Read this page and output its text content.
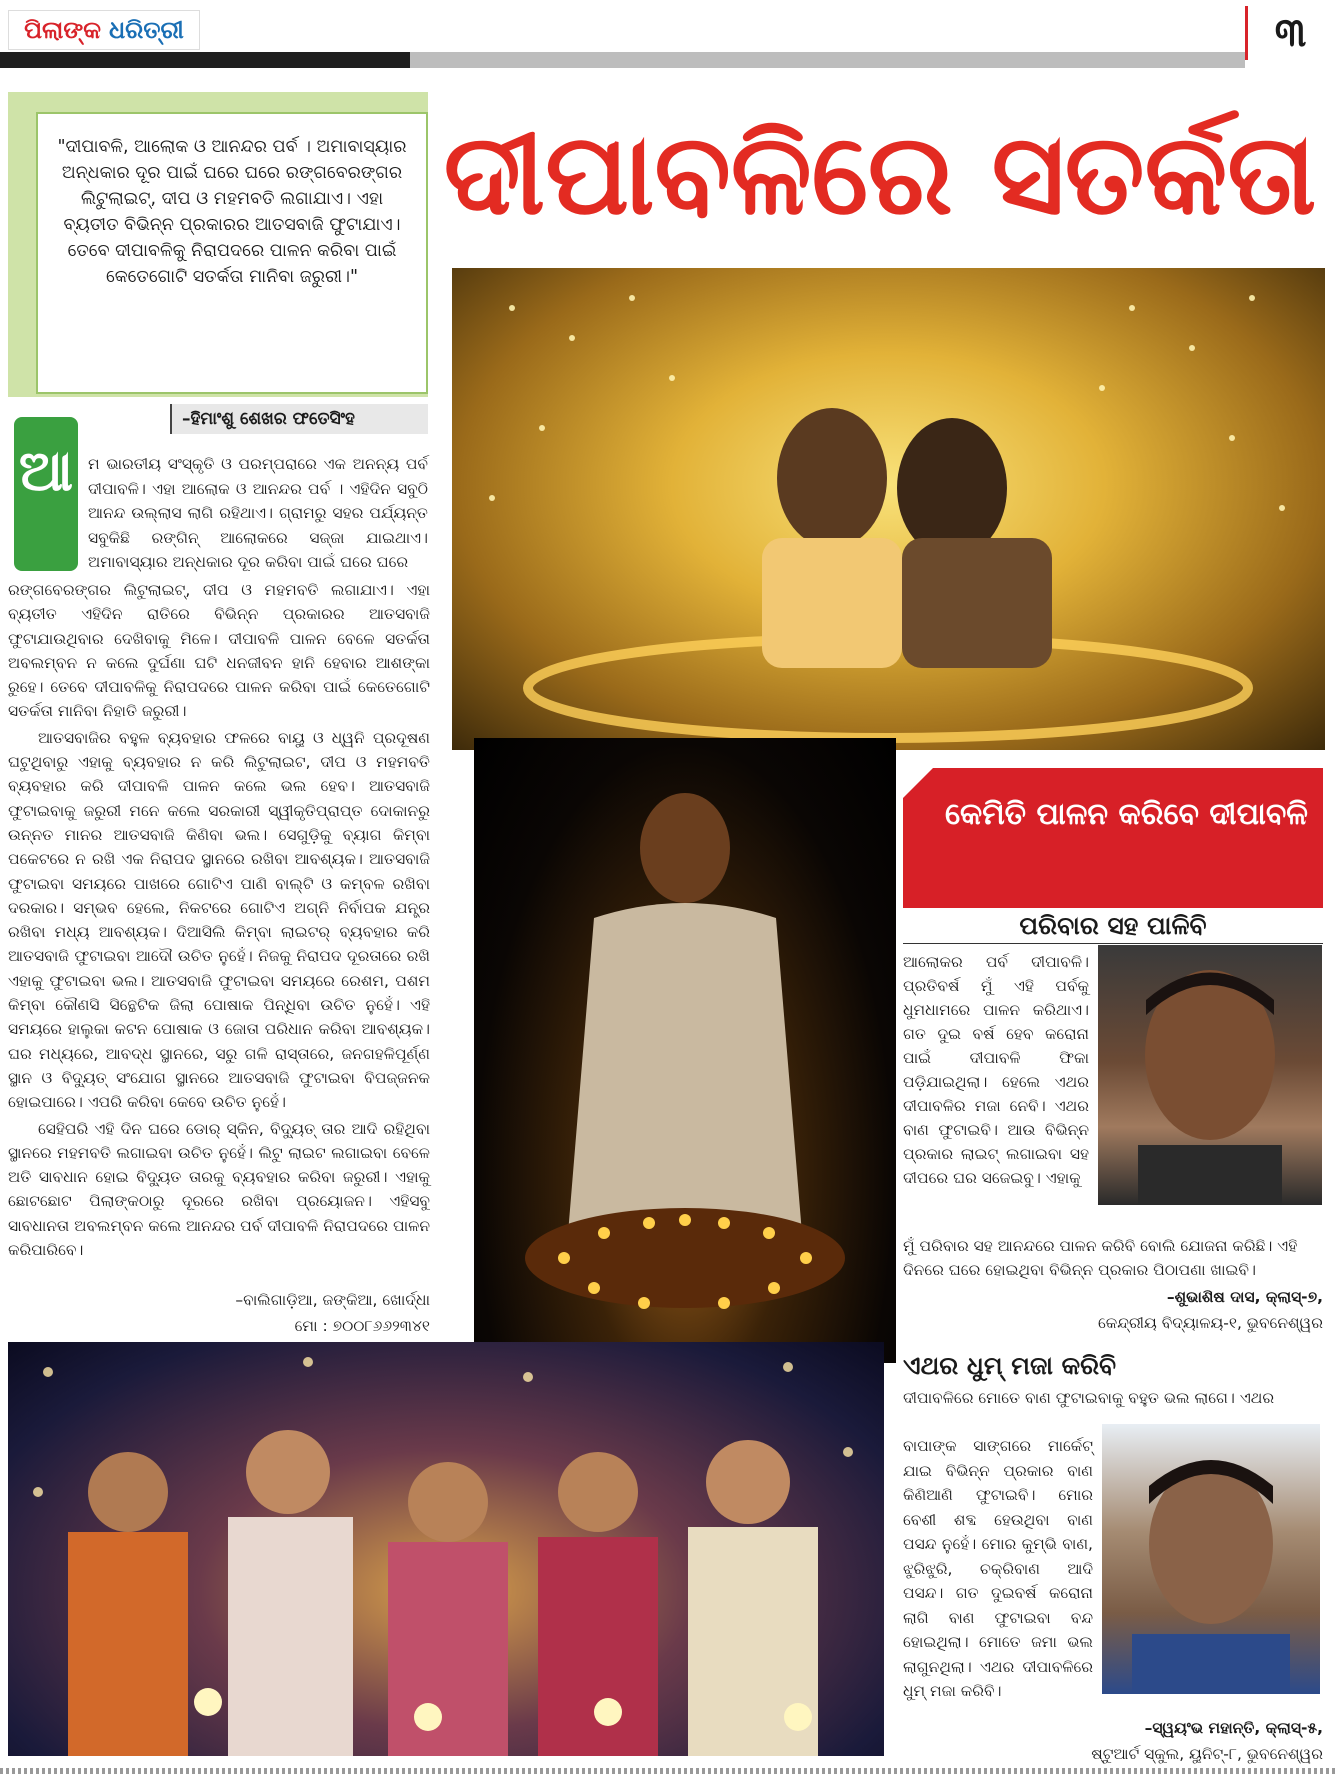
ପିଲାଙ୍କ ଧରିତ୍ରୀ	୩
"ଦୀପାବଳି, ଆଲୋକ ଓ ଆନନ୍ଦର ପର୍ବ । ଅମାବାସ୍ୟାର ଅନ୍ଧକାର ଦୂର ପାଇଁ ଘରେ ଘରେ ରଙ୍ଗବେରଙ୍ଗର ଲିଟୁଲାଇଟ୍, ଦୀପ ଓ ମହମବତି ଲଗାଯାଏ। ଏହା ବ୍ୟତୀତ ବିଭିନ୍ନ ପ୍ରକାରର ଆତସବାଜି ଫୁଟାଯାଏ। ତେବେ ଦୀପାବଳିକୁ ନିରାପଦରେ ପାଳନ କରିବା ପାଇଁ କେତେଗୋଟି ସତର୍କତା ମାନିବା ଜରୁରୀ।"
–ହିମାଂଶୁ ଶେଖର ଫତେସିଂହ
ଦୀପାବଳିରେ ସତର୍କତା
ଆ ମ ଭାରତୀୟ ସଂସ୍କୃତି ଓ ପରମ୍ପରାରେ ଏକ ଅନନ୍ୟ ପର୍ବ ଦୀପାବଳି। ଏହା ଆଲୋକ ଓ ଆନନ୍ଦର ପର୍ବ । ଏହିଦିନ ସବୁଠି ଆନନ୍ଦ ଉଲ୍ଲାସ ଲାଗି ରହିଥାଏ। ଗ୍ରାମରୁ ସହର ପର୍ଯ୍ୟନ୍ତ ସବୁକିଛି ରଙ୍ଗିନ୍ ଆଲୋକରେ ସଜ୍ଜା ଯାଇଥାଏ। ଅମାବାସ୍ୟାର ଅନ୍ଧକାର ଦୂର କରିବା ପାଇଁ ଘରେ ଘରେ

ରଙ୍ଗବେରଙ୍ଗର ଲିଟୁଲାଇଟ୍, ଦୀପ ଓ ମହମବତି ଲଗାଯାଏ। ଏହା ବ୍ୟତୀତ ଏହିଦିନ ରାତିରେ ବିଭିନ୍ନ ପ୍ରକାରର ଆତସବାଜି ଫୁଟାଯାଉଥିବାର ଦେଖିବାକୁ ମିଳେ। ଦୀପାବଳି ପାଳନ ବେଳେ ସତର୍କତା ଅବଲମ୍ବନ ନ କଲେ ଦୁର୍ଘଣା ଘଟି ଧନଜୀବନ ହାନି ହେବାର ଆଶଙ୍କା ରୁହେ। ତେବେ ଦୀପାବଳିକୁ ନିରାପଦରେ ପାଳନ କରିବା ପାଇଁ କେତେଗୋଟି ସତର୍କତା ମାନିବା ନିହାତି ଜରୁରୀ।

ଆତସବାଜିର ବହୁଳ ବ୍ୟବହାର ଫଳରେ ବାୟୁ ଓ ଧ୍ୱନି ପ୍ରଦୂଷଣ ଘଟୁଥିବାରୁ ଏହାକୁ ବ୍ୟବହାର ନ କରି ଲିଟୁଲାଇଟ, ଦୀପ ଓ ମହମବତି ବ୍ୟବହାର କରି ଦୀପାବଳି ପାଳନ କଲେ ଭଲ ହେବ। ଆତସବାଜି ଫୁଟାଇବାକୁ ଜରୁରୀ ମନେ କଲେ ସରକାରୀ ସ୍ୱୀକୃତିପ୍ରାପ୍ତ ଦୋକାନରୁ ଉନ୍ନତ ମାନର ଆତସବାଜି କିଣିବା ଭଲ। ସେଗୁଡ଼ିକୁ ବ୍ୟାଗ କିମ୍ବା ପକେଟରେ ନ ରଖି ଏକ ନିରାପଦ ସ୍ଥାନରେ ରଖିବା ଆବଶ୍ୟକ। ଆତସବାଜି ଫୁଟାଇବା ସମୟରେ ପାଖରେ ଗୋଟିଏ ପାଣି ବାଲ୍ଟି ଓ କମ୍ବଳ ରଖିବା ଦରକାର। ସମ୍ଭବ ହେଲେ, ନିକଟରେ ଗୋଟିଏ ଅଗ୍ନି ନିର୍ବାପକ ଯନ୍ତ୍ର ରଖିବା ମଧ୍ୟ ଆବଶ୍ୟକ। ଦିଆସିଲି କିମ୍ବା ଲାଇଟର୍ ବ୍ୟବହାର କରି ଆତସବାଜି ଫୁଟାଇବା ଆଦୌ ଉଚିତ ନୁହେଁ। ନିଜକୁ ନିରାପଦ ଦୂରତାରେ ରଖି ଏହାକୁ ଫୁଟାଇବା ଭଲ। ଆତସବାଜି ଫୁଟାଇବା ସମୟରେ ରେଶମ, ପଶମ କିମ୍ବା କୌଣସି ସିନ୍ଥେଟିକ ଜିଲା ପୋଷାକ ପିନ୍ଧିବା ଉଚିତ ନୁହେଁ। ଏହି ସମୟରେ ହାଲୁକା କଟନ ପୋଷାକ ଓ ଜୋତା ପରିଧାନ କରିବା ଆବଶ୍ୟକ। ଘର ମଧ୍ୟରେ, ଆବଦ୍ଧ ସ୍ଥାନରେ, ସରୁ ଗଳି ରାସ୍ତାରେ, ଜନଗହଳିପୂର୍ଣ୍ଣ ସ୍ଥାନ ଓ ବିଦ୍ୟୁତ୍ ସଂଯୋଗ ସ୍ଥାନରେ ଆତସବାଜି ଫୁଟାଇବା ବିପଜ୍ଜନକ ହୋଇପାରେ। ଏପରି କରିବା କେବେ ଉଚିତ ନୁହେଁ।

ସେହିପରି ଏହି ଦିନ ଘରେ ଡୋର୍ ସ୍କିନ, ବିଦ୍ୟୁତ୍ ତାର ଆଦି ରହିଥିବା ସ୍ଥାନରେ ମହମବତି ଲଗାଇବା ଉଚିତ ନୁହେଁ। ଲିଟୁ ଲାଇଟ ଲଗାଇବା ବେଳେ ଅତି ସାବଧାନ ହୋଇ ବିଦ୍ୟୁତ ତାରକୁ ବ୍ୟବହାର କରିବା ଜରୁରୀ। ଏହାକୁ ଛୋଟଛୋଟ ପିଲାଙ୍କଠାରୁ ଦୂରରେ ରଖିବା ପ୍ରୟୋଜନ। ଏହିସବୁ ସାବଧାନତା ଅବଲମ୍ବନ କଲେ ଆନନ୍ଦର ପର୍ବ ଦୀପାବଳି ନିରାପଦରେ ପାଳନ କରିପାରିବେ।

–ବାଲିଗାଡ଼ିଆ, ଜଙ୍କିଆ, ଖୋର୍ଦ୍ଧା
ମୋ : ୭୦୦୮୬୬୨୩୪୧
କେମିତି ପାଳନ କରିବେ ଦୀପାବଳି
ପରିବାର ସହ ପାଳିବି
ଆଲୋକର ପର୍ବ ଦୀପାବଳି। ପ୍ରତିବର୍ଷ ମୁଁ ଏହି ପର୍ବକୁ ଧୁମଧାମରେ ପାଳନ କରିଥାଏ। ଗତ ଦୁଇ ବର୍ଷ ହେବ କରୋନା ପାଇଁ ଦୀପାବଳି ଫିକା ପଡ଼ିଯାଇଥିଲା। ହେଲେ ଏଥର ଦୀପାବଳିର ମଜା ନେବି। ଏଥର ବାଣ ଫୁଟାଇବି। ଆଉ ବିଭିନ୍ନ ପ୍ରକାର ଲାଇଟ୍ ଲଗାଇବା ସହ ଦୀପରେ ଘର ସଜେଇବୁ। ଏହାକୁ
ମୁଁ ପରିବାର ସହ ଆନନ୍ଦରେ ପାଳନ କରିବି ବୋଲି ଯୋଜନା କରିଛି। ଏହି ଦିନରେ ଘରେ ହୋଇଥିବା ବିଭିନ୍ନ ପ୍ରକାର ପିଠାପଣା ଖାଇବି।
–ଶୁଭାଶିଷ ଦାସ, କ୍ଲାସ୍-୭,
କେନ୍ଦ୍ରୀୟ ବିଦ୍ୟାଳୟ-୧, ଭୁବନେଶ୍ୱର
ଏଥର ଧୁମ୍ ମଜା କରିବି
ଦୀପାବଳିରେ ମୋତେ ବାଣ ଫୁଟାଇବାକୁ ବହୁତ ଭଲ ଲାଗେ। ଏଥର
ବାପାଙ୍କ ସାଙ୍ଗରେ ମାର୍କେଟ୍ ଯାଇ ବିଭିନ୍ନ ପ୍ରକାର ବାଣ କିଣିଆଣି ଫୁଟାଇବି। ମୋର ବେଶୀ ଶବ୍ଦ ହେଉଥିବା ବାଣ ପସନ୍ଦ ନୁହେଁ। ମୋର କୁମ୍ଭି ବାଣ, ଝୁରିଝୁରି, ଚକ୍ରିବାଣ ଆଦି ପସନ୍ଦ। ଗତ ଦୁଇବର୍ଷ କରୋନା ଲାଗି ବାଣ ଫୁଟାଇବା ବନ୍ଦ ହୋଇଥିଲା। ମୋତେ ଜମା ଭଲ ଲାଗୁନଥିଲା। ଏଥର ଦୀପାବଳିରେ ଧୁମ୍ ମଜା କରିବି।
–ସ୍ୱୟଂଭ ମହାନ୍ତି, କ୍ଲାସ୍-୫,
ଷ୍ଟୁଆର୍ଟ ସ୍କୁଲ, ୟୁନିଟ୍-୮, ଭୁବନେଶ୍ୱର
